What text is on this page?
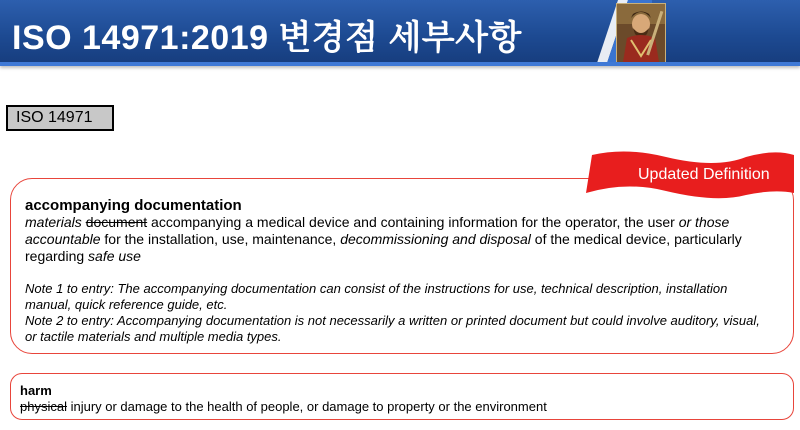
ISO 14971:2019 변경점 세부사항
ISO 14971
Updated Definition
accompanying documentation
materials document accompanying a medical device and containing information for the operator, the user or those accountable for the installation, use, maintenance, decommissioning and disposal of the medical device, particularly regarding safe use
Note 1 to entry: The accompanying documentation can consist of the instructions for use, technical description, installation manual, quick reference guide, etc.
Note 2 to entry: Accompanying documentation is not necessarily a written or printed document but could involve auditory, visual, or tactile materials and multiple media types.
harm
physical injury or damage to the health of people, or damage to property or the environment
